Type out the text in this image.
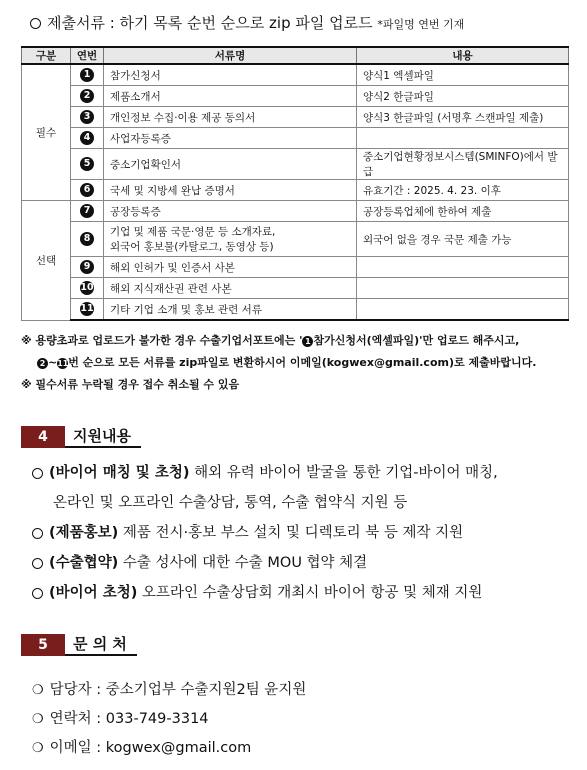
제출서류 : 하기 목록 순번 순으로 zip 파일 업로드 *파일명 연번 기재
구분	연번	서류명	내용
필수	1	참가신청서	양식1 엑셀파일
	2	제품소개서	양식2 한글파일
	3	개인정보 수집·이용 제공 동의서	양식3 한글파일 (서명후 스캔파일 제출)
	4	사업자등록증	
	5	중소기업확인서	중소기업현황정보시스템(SMINFO)에서 발급
	6	국세 및 지방세 완납 증명서	유효기간 : 2025. 4. 23. 이후
선택	7	공장등록증	공장등록업체에 한하여 제출
	8	기업 및 제품 국문·영문 등 소개자료,
외국어 홍보물(카탈로그, 동영상 등)	외국어 없을 경우 국문 제출 가능
	9	해외 인허가 및 인증서 사본	
	10	해외 지식재산권 관련 사본	
	11	기타 기업 소개 및 홍보 관련 서류	
※ 용량초과로 업로드가 불가한 경우 수출기업서포트에는 ' 1 참가신청서(엑셀파일)'만 업로드 해주시고,
2 ~11번 순으로 모든 서류를 zip파일로 변환하시어 이메일(kogwex@gmail.com)로 제출바랍니다.
※ 필수서류 누락될 경우 접수 취소될 수 있음
4	지원내용
(바이어 매칭 및 초청) 해외 유력 바이어 발굴을 통한 기업-바이어 매칭,
온라인 및 오프라인 수출상담, 통역, 수출 협약식 지원 등
(제품홍보) 제품 전시·홍보 부스 설치 및 디렉토리 북 등 제작 지원
(수출협약) 수출 성사에 대한 수출 MOU 협약 체결
(바이어 초청) 오프라인 수출상담회 개최시 바이어 항공 및 체재 지원
5	문 의 처
❍ 담당자 : 중소기업부 수출지원2팀 윤지원
❍ 연락처 : 033-749-3314
❍ 이메일 : kogwex@gmail.com
